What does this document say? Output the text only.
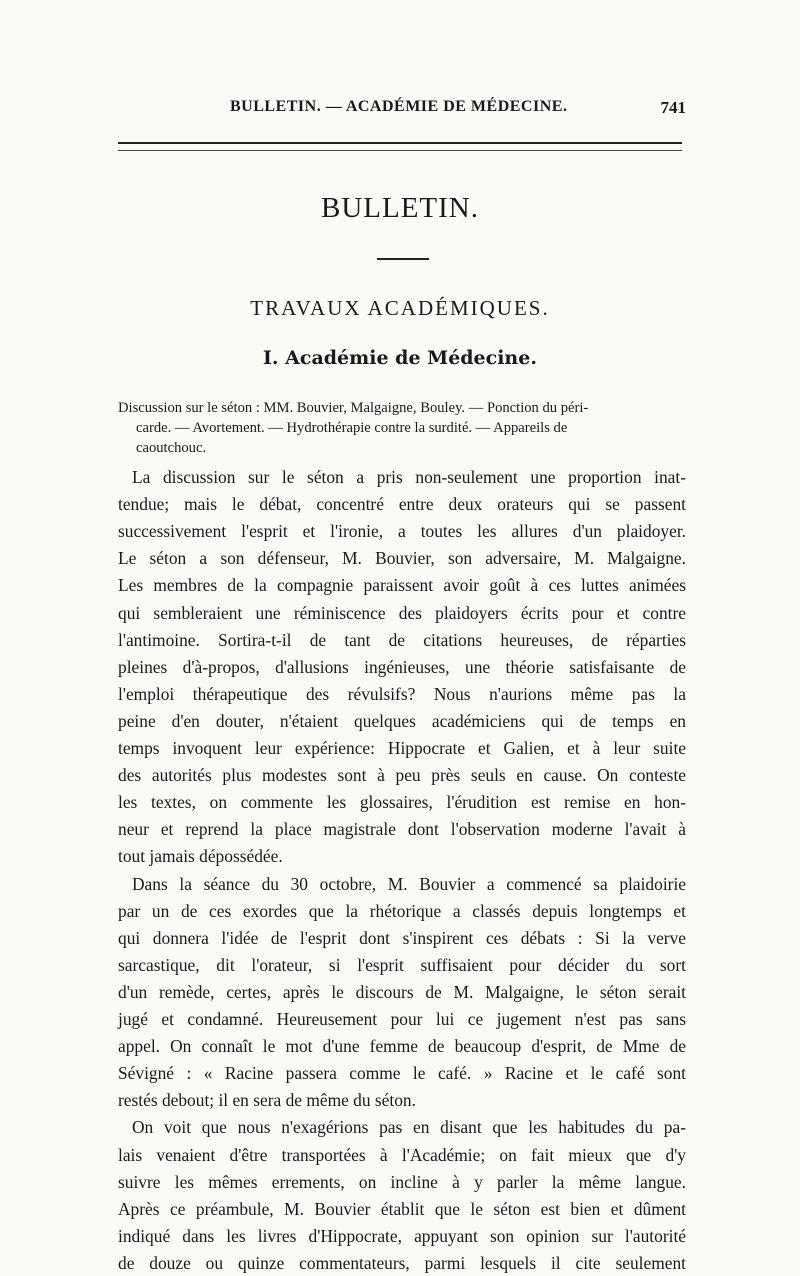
BULLETIN. — ACADÉMIE DE MÉDECINE.	741
BULLETIN.
TRAVAUX ACADÉMIQUES.
I. Académie de Médecine.
Discussion sur le séton : MM. Bouvier, Malgaigne, Bouley. — Ponction du péri-

carde. — Avortement. — Hydrothérapie contre la surdité. — Appareils de
caoutchouc.
La discussion sur le séton a pris non-seulement une proportion inat-
tendue; mais le débat, concentré entre deux orateurs qui se passent
successivement l'esprit et l'ironie, a toutes les allures d'un plaidoyer.
Le séton a son défenseur, M. Bouvier, son adversaire, M. Malgaigne.
Les membres de la compagnie paraissent avoir goût à ces luttes animées
qui sembleraient une réminiscence des plaidoyers écrits pour et contre
l'antimoine. Sortira-t-il de tant de citations heureuses, de réparties
pleines d'à-propos, d'allusions ingénieuses, une théorie satisfaisante de
l'emploi thérapeutique des révulsifs? Nous n'aurions même pas la
peine d'en douter, n'étaient quelques académiciens qui de temps en
temps invoquent leur expérience: Hippocrate et Galien, et à leur suite
des autorités plus modestes sont à peu près seuls en cause. On conteste
les textes, on commente les glossaires, l'érudition est remise en hon-
neur et reprend la place magistrale dont l'observation moderne l'avait à
tout jamais dépossédée.
Dans la séance du 30 octobre, M. Bouvier a commencé sa plaidoirie
par un de ces exordes que la rhétorique a classés depuis longtemps et
qui donnera l'idée de l'esprit dont s'inspirent ces débats : Si la verve
sarcastique, dit l'orateur, si l'esprit suffisaient pour décider du sort
d'un remède, certes, après le discours de M. Malgaigne, le séton serait
jugé et condamné. Heureusement pour lui ce jugement n'est pas sans
appel. On connaît le mot d'une femme de beaucoup d'esprit, de Mme de
Sévigné : « Racine passera comme le café. » Racine et le café sont
restés debout; il en sera de même du séton.
On voit que nous n'exagérions pas en disant que les habitudes du pa-
lais venaient d'être transportées à l'Académie; on fait mieux que d'y
suivre les mêmes errements, on incline à y parler la même langue.
Après ce préambule, M. Bouvier établit que le séton est bien et dûment
indiqué dans les livres d'Hippocrate, appuyant son opinion sur l'autorité
de douze ou quinze commentateurs, parmi lesquels il cite seulement
